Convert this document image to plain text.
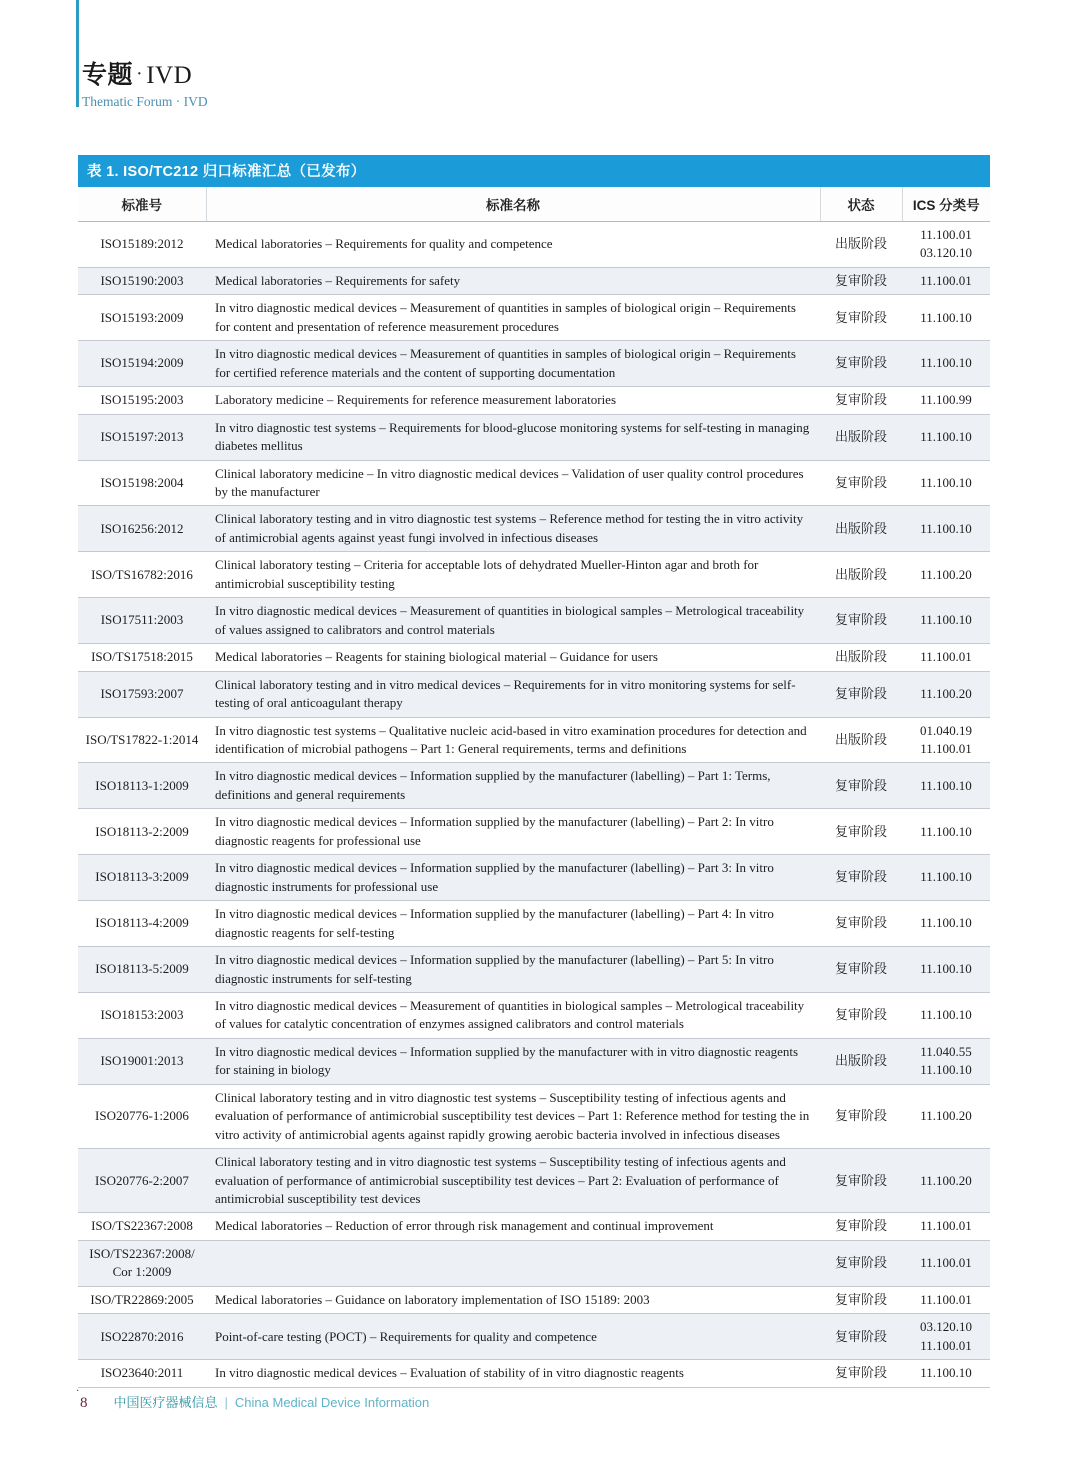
专题 · IVD
Thematic Forum · IVD
表 1. ISO/TC212 归口标准汇总（已发布）
标准号	标准名称	状态	ICS 分类号
ISO15189:2012	Medical laboratories – Requirements for quality and competence	出版阶段	11.100.01
03.120.10

ISO15190:2003	Medical laboratories – Requirements for safety	复审阶段	11.100.01

ISO15193:2009	In vitro diagnostic medical devices – Measurement of quantities in samples of biological origin – Requirements for content and presentation of reference measurement procedures	复审阶段	11.100.10

ISO15194:2009	In vitro diagnostic medical devices – Measurement of quantities in samples of biological origin – Requirements for certified reference materials and the content of supporting documentation	复审阶段	11.100.10

ISO15195:2003	Laboratory medicine – Requirements for reference measurement laboratories	复审阶段	11.100.99

ISO15197:2013	In vitro diagnostic test systems – Requirements for blood-glucose monitoring systems for self-testing in managing diabetes mellitus	出版阶段	11.100.10

ISO15198:2004	Clinical laboratory medicine – In vitro diagnostic medical devices – Validation of user quality control procedures by the manufacturer	复审阶段	11.100.10

ISO16256:2012	Clinical laboratory testing and in vitro diagnostic test systems – Reference method for testing the in vitro activity of antimicrobial agents against yeast fungi involved in infectious diseases	出版阶段	11.100.10

ISO/TS16782:2016	Clinical laboratory testing – Criteria for acceptable lots of dehydrated Mueller-Hinton agar and broth for antimicrobial susceptibility testing	出版阶段	11.100.20

ISO17511:2003	In vitro diagnostic medical devices – Measurement of quantities in biological samples – Metrological traceability of values assigned to calibrators and control materials	复审阶段	11.100.10

ISO/TS17518:2015	Medical laboratories – Reagents for staining biological material – Guidance for users	出版阶段	11.100.01

ISO17593:2007	Clinical laboratory testing and in vitro medical devices – Requirements for in vitro monitoring systems for self-testing of oral anticoagulant therapy	复审阶段	11.100.20

ISO/TS17822-1:2014	In vitro diagnostic test systems – Qualitative nucleic acid-based in vitro examination procedures for detection and identification of microbial pathogens – Part 1: General requirements, terms and definitions	出版阶段	01.040.19
11.100.01

ISO18113-1:2009	In vitro diagnostic medical devices – Information supplied by the manufacturer (labelling) – Part 1: Terms, definitions and general requirements	复审阶段	11.100.10

ISO18113-2:2009	In vitro diagnostic medical devices – Information supplied by the manufacturer (labelling) – Part 2: In vitro diagnostic reagents for professional use	复审阶段	11.100.10

ISO18113-3:2009	In vitro diagnostic medical devices – Information supplied by the manufacturer (labelling) – Part 3: In vitro diagnostic instruments for professional use	复审阶段	11.100.10

ISO18113-4:2009	In vitro diagnostic medical devices – Information supplied by the manufacturer (labelling) – Part 4: In vitro diagnostic reagents for self-testing	复审阶段	11.100.10

ISO18113-5:2009	In vitro diagnostic medical devices – Information supplied by the manufacturer (labelling) – Part 5: In vitro diagnostic instruments for self-testing	复审阶段	11.100.10

ISO18153:2003	In vitro diagnostic medical devices – Measurement of quantities in biological samples – Metrological traceability of values for catalytic concentration of enzymes assigned calibrators and control materials	复审阶段	11.100.10

ISO19001:2013	In vitro diagnostic medical devices – Information supplied by the manufacturer with in vitro diagnostic reagents for staining in biology	出版阶段	11.040.55
11.100.10

ISO20776-1:2006	Clinical laboratory testing and in vitro diagnostic test systems – Susceptibility testing of infectious agents and evaluation of performance of antimicrobial susceptibility test devices – Part 1: Reference method for testing the in vitro activity of antimicrobial agents against rapidly growing aerobic bacteria involved in infectious diseases	复审阶段	11.100.20

ISO20776-2:2007	Clinical laboratory testing and in vitro diagnostic test systems – Susceptibility testing of infectious agents and evaluation of performance of antimicrobial susceptibility test devices – Part 2: Evaluation of performance of antimicrobial susceptibility test devices	复审阶段	11.100.20

ISO/TS22367:2008	Medical laboratories – Reduction of error through risk management and continual improvement	复审阶段	11.100.01

ISO/TS22367:2008/ Cor 1:2009		复审阶段	11.100.01

ISO/TR22869:2005	Medical laboratories – Guidance on laboratory implementation of ISO 15189: 2003	复审阶段	11.100.01

ISO22870:2016	Point-of-care testing (POCT) – Requirements for quality and competence	复审阶段	03.120.10
11.100.01

ISO23640:2011	In vitro diagnostic medical devices – Evaluation of stability of in vitro diagnostic reagents	复审阶段	11.100.10
· 8 中国医疗器械信息 | China Medical Device Information
